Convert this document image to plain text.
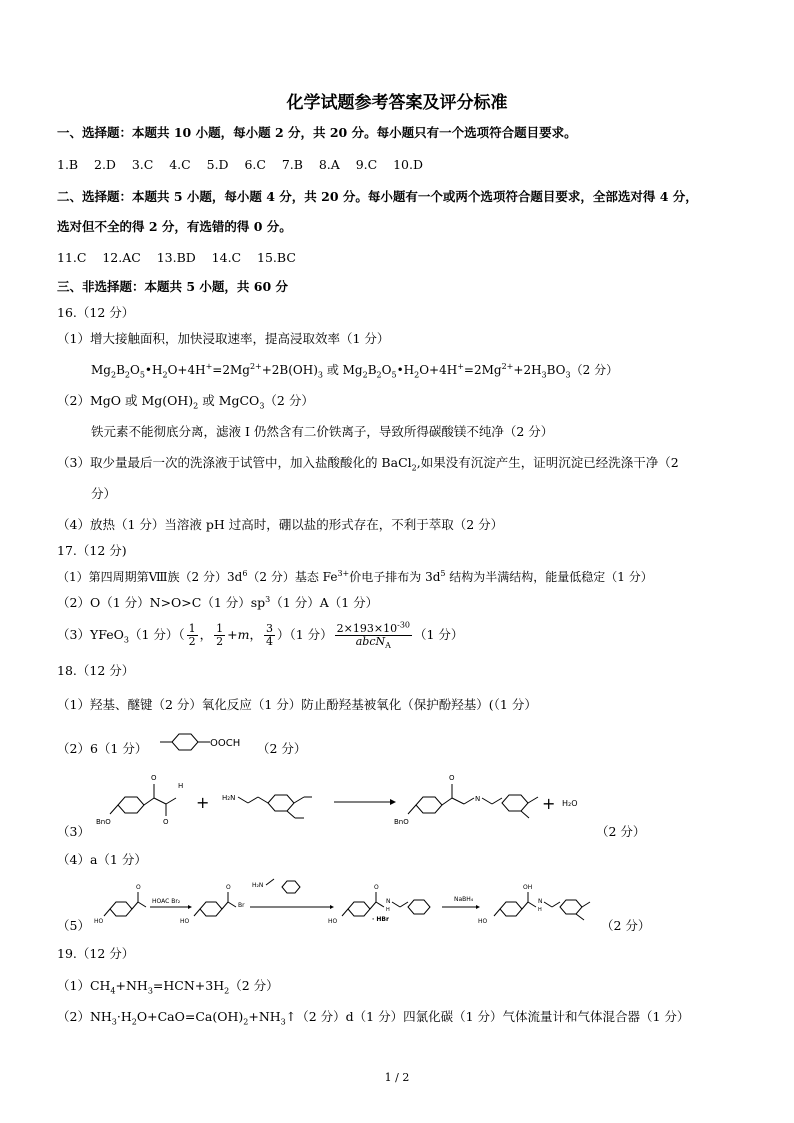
化学试题参考答案及评分标准
一、选择题：本题共 10 小题，每小题 2 分，共 20 分。每小题只有一个选项符合题目要求。
1.B    2.D    3.C    4.C    5.D    6.C    7.B    8.A    9.C    10.D
二、选择题：本题共 5 小题，每小题 4 分，共 20 分。每小题有一个或两个选项符合题目要求，全部选对得 4 分，
选对但不全的得 2 分，有选错的得 0 分。
11.C    12.AC    13.BD    14.C    15.BC
三、非选择题：本题共 5 小题，共 60 分
16.（12 分）
（1）增大接触面积，加快浸取速率，提高浸取效率（1 分）
$Mg_2B_2O_5•H_2O+4H^+=2Mg^{2+}+2B(OH)_3$ 或 $Mg_2B_2O_5•H_2O+4H^+=2Mg^{2+}+2H_3BO_3(2$ 分）
（2）MgO 或 $Mg(OH)_2$ 或 MgCO$_3$（2 分）
铁元素不能彻底分离，滤液 Ⅰ 仍然含有二价铁离子，导致所得碳酸镁不纯净（2 分）
（3）取少量最后一次的洗涤液于试管中，加入盐酸酸化的 BaCl$_2$,如果没有沉淀产生，证明沉淀已经洗涤干净（2
分）
（4）放热（1 分）当溶液 pH 过高时，硼以盐的形式存在，不利于萃取（2 分）
17.（12 分)
（1）第四周期第Ⅷ族（2 分）$3d^6(2$ 分）基态 $Fe^{3+}$价电子排布为 $3d^5$ 结构为半满结构，能量低稳定（1 分）
（2）O（1 分）N>O>C（1 分）$sp^3(1$ 分）A（1 分）
（3）YFeO$_3$（1 分）（ $\frac{1}{2}$ ， $\frac{1}{2} +m$， $\frac{3}{4} )(1$ 分） $\frac{2\times 193\times 10^{-30}}{abcN_A} (1$ 分）
18.（12 分）
（1）羟基、醚键（2 分）氧化反应（1 分）防止酚羟基被氧化（保护酚羟基）(（1 分）
（2）6（1 分）	OOCH （2 分）
BnO
O
O
H
+ H₂N
BnO
O
N	+ H₂O
（3）	（2 分）
（4）a（1 分）
HO
O
HOAC Br₂
HO
O
Br
H₂N
HO
O
N
H
· HBr
NaBH₄
HO
OH
N
H
（5）	（2 分）
19.（12 分）
$(1)CH_4+NH_3=HCN+3H_2(2$ 分）
$(2)NH_3\cdot H_2O+CaO=Ca(OH)_2+NH_3↑(2$ 分）d（1 分）四氯化碳（1 分）气体流量计和气体混合器（1 分）
1 / 2
